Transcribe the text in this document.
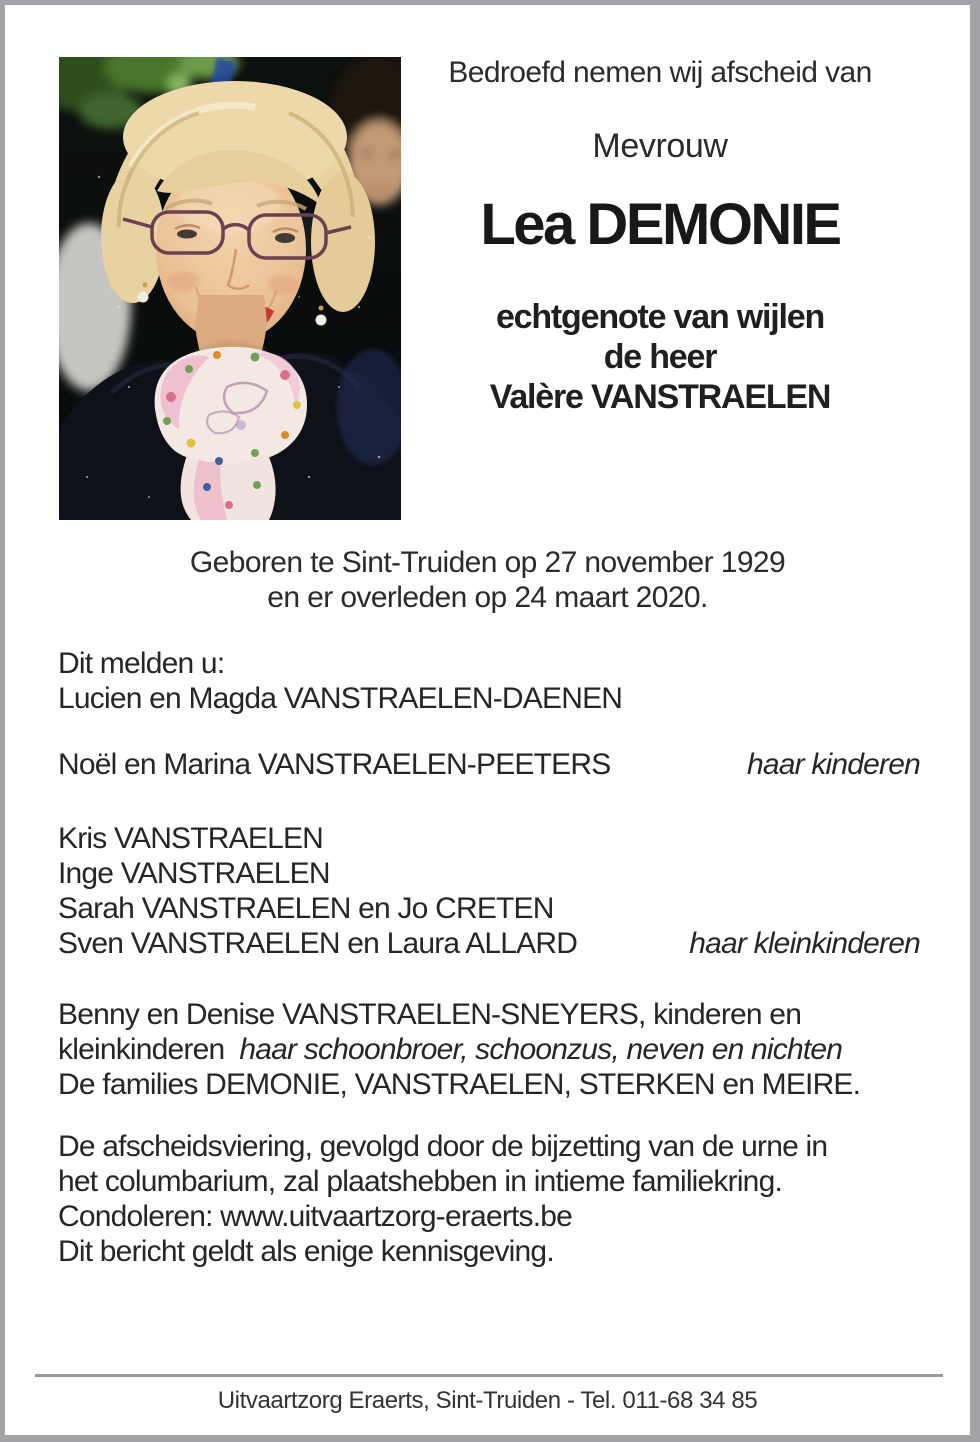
Bedroefd nemen wij afscheid van

Mevrouw

Lea DEMONIE

echtgenote van wijlen

de heer

Valère VANSTRAELEN

Geboren te Sint-Truiden op 27 november 1929

en er overleden op 24 maart 2020.

Dit melden u:

Lucien en Magda VANSTRAELEN-DAENEN

Noël en Marina VANSTRAELEN-PEETERS	haar kinderen

Kris VANSTRAELEN

Inge VANSTRAELEN

Sarah VANSTRAELEN en Jo CRETEN

Sven VANSTRAELEN en Laura ALLARD	haar kleinkinderen

Benny en Denise VANSTRAELEN-SNEYERS, kinderen en

kleinkinderen haar schoonbroer, schoonzus, neven en nichten

De families DEMONIE, VANSTRAELEN, STERKEN en MEIRE.

De afscheidsviering, gevolgd door de bijzetting van de urne in

het columbarium, zal plaatshebben in intieme familiekring.

Condoleren: www.uitvaartzorg-eraerts.be

Dit bericht geldt als enige kennisgeving.

Uitvaartzorg Eraerts, Sint-Truiden - Tel. 011-68 34 85
